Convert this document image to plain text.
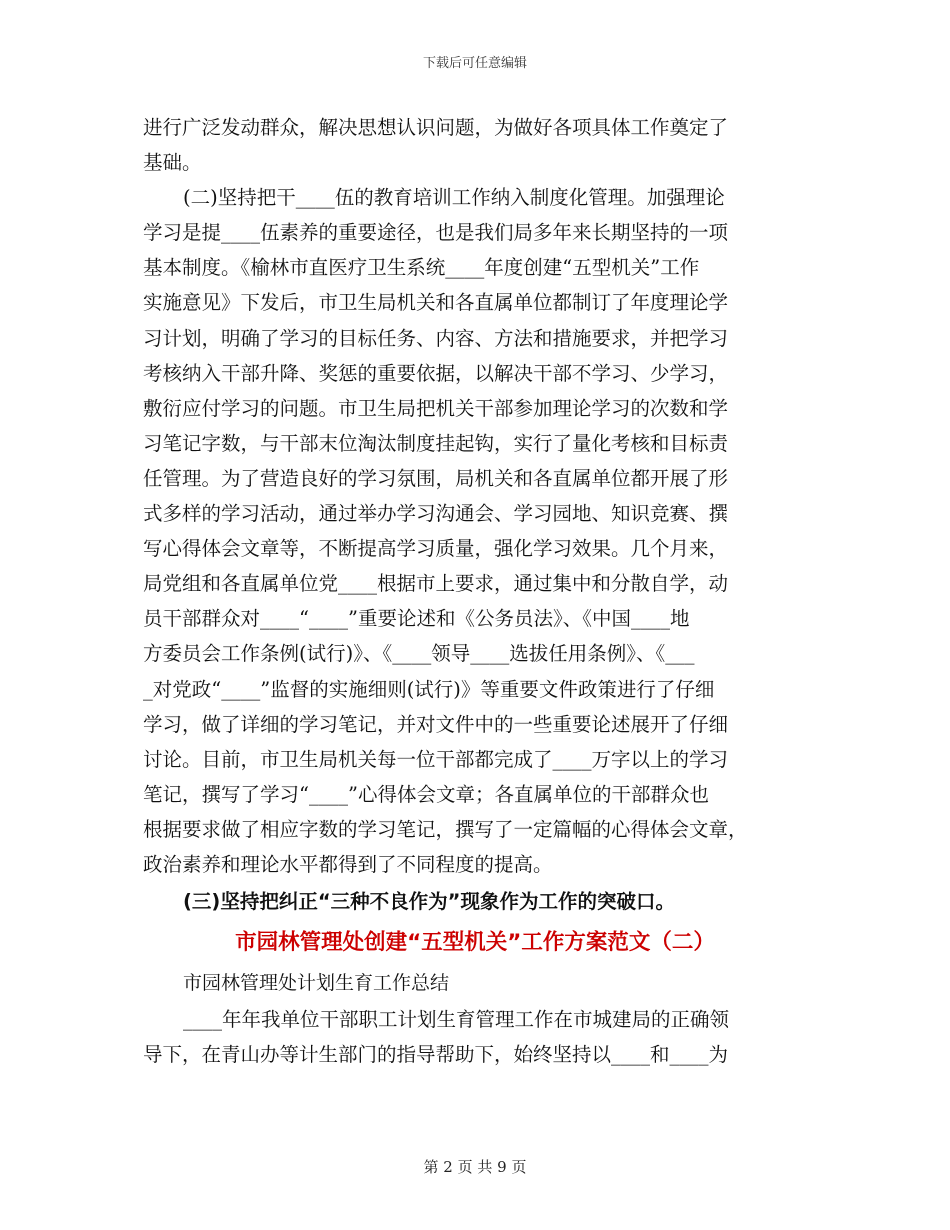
下载后可任意编辑
进行广泛发动群众，解决思想认识问题，为做好各项具体工作奠定了
基础。
(二)坚持把干____伍的教育培训工作纳入制度化管理。加强理论
学习是提____伍素养的重要途径，也是我们局多年来长期坚持的一项
基本制度。《榆林市直医疗卫生系统____年度创建“五型机关”工作
实施意见》下发后，市卫生局机关和各直属单位都制订了年度理论学
习计划，明确了学习的目标任务、内容、方法和措施要求，并把学习
考核纳入干部升降、奖惩的重要依据，以解决干部不学习、少学习，
敷衍应付学习的问题。市卫生局把机关干部参加理论学习的次数和学
习笔记字数，与干部末位淘汰制度挂起钩，实行了量化考核和目标责
任管理。为了营造良好的学习氛围，局机关和各直属单位都开展了形
式多样的学习活动，通过举办学习沟通会、学习园地、知识竞赛、撰
写心得体会文章等，不断提高学习质量，强化学习效果。几个月来，
局党组和各直属单位党____根据市上要求，通过集中和分散自学，动
员干部群众对____“____”重要论述和《公务员法》、《中国____地
方委员会工作条例(试行)》、《____领导____选拔任用条例》、《___
_对党政“____”监督的实施细则(试行)》等重要文件政策进行了仔细
学习，做了详细的学习笔记，并对文件中的一些重要论述展开了仔细
讨论。目前，市卫生局机关每一位干部都完成了____万字以上的学习
笔记，撰写了学习“____”心得体会文章；各直属单位的干部群众也
根据要求做了相应字数的学习笔记，撰写了一定篇幅的心得体会文章，
政治素养和理论水平都得到了不同程度的提高。
(三)坚持把纠正“三种不良作为”现象作为工作的突破口。
市园林管理处创建“五型机关”工作方案范文（二）
市园林管理处计划生育工作总结
____年年我单位干部职工计划生育管理工作在市城建局的正确领
导下，在青山办等计生部门的指导帮助下，始终坚持以____和____为
第 2 页 共 9 页
